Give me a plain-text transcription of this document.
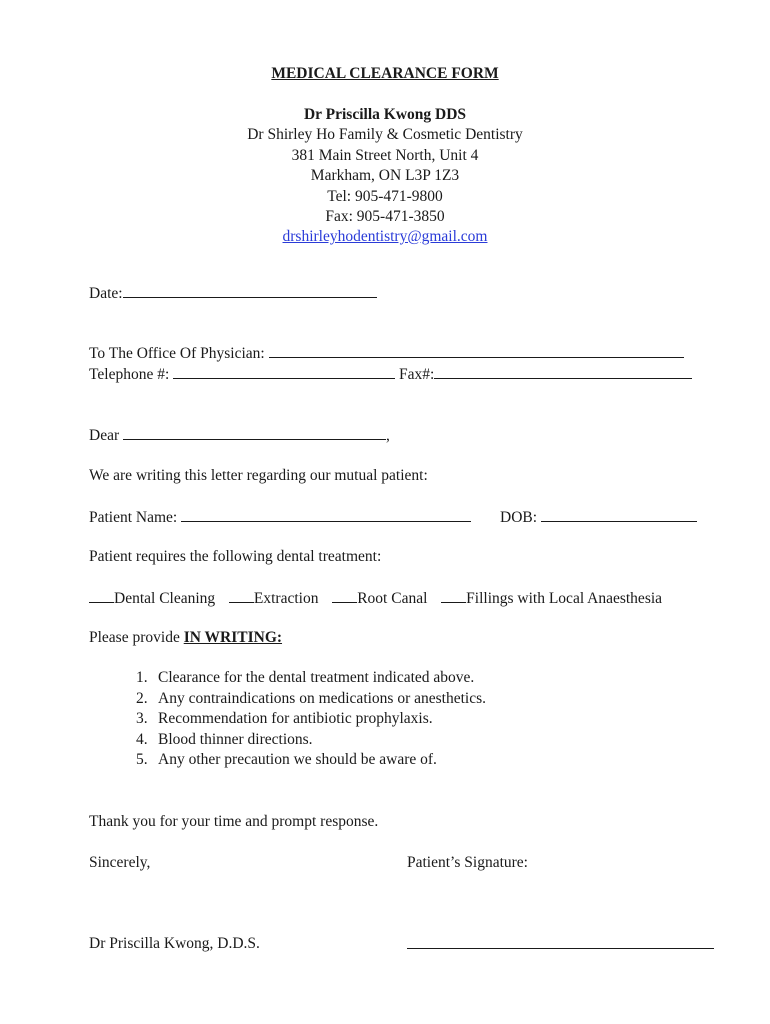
MEDICAL CLEARANCE FORM
Dr Priscilla Kwong DDS
Dr Shirley Ho Family & Cosmetic Dentistry
381 Main Street North, Unit 4
Markham, ON L3P 1Z3
Tel: 905-471-9800
Fax: 905-471-3850
drshirleyhodentistry@gmail.com
Date:
To The Office Of Physician:
Telephone #:	Fax#:
Dear	,
We are writing this letter regarding our mutual patient:
Patient Name:	DOB:
Patient requires the following dental treatment:
Dental Cleaning	Extraction	Root Canal	Fillings with Local Anaesthesia
Please provide IN WRITING:
1. Clearance for the dental treatment indicated above.
2. Any contraindications on medications or anesthetics.
3. Recommendation for antibiotic prophylaxis.
4. Blood thinner directions.
5. Any other precaution we should be aware of.
Thank you for your time and prompt response.
Sincerely,	Patient’s Signature:
Dr Priscilla Kwong, D.D.S.
